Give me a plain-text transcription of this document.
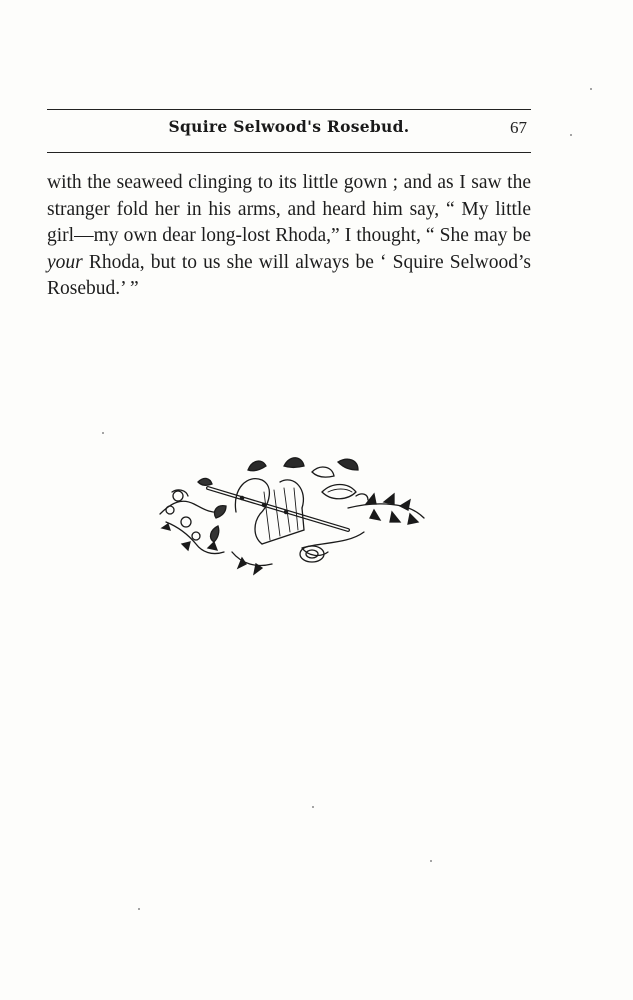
Squire Selwood's Rosebud.	67

with the seaweed clinging to its little gown ; and as I saw the stranger fold her in his arms, and heard him say, “ My little girl—my own dear long-lost Rhoda,” I thought, “ She may be your Rhoda, but to us she will always be ‘ Squire Selwood’s Rosebud.’ ”
